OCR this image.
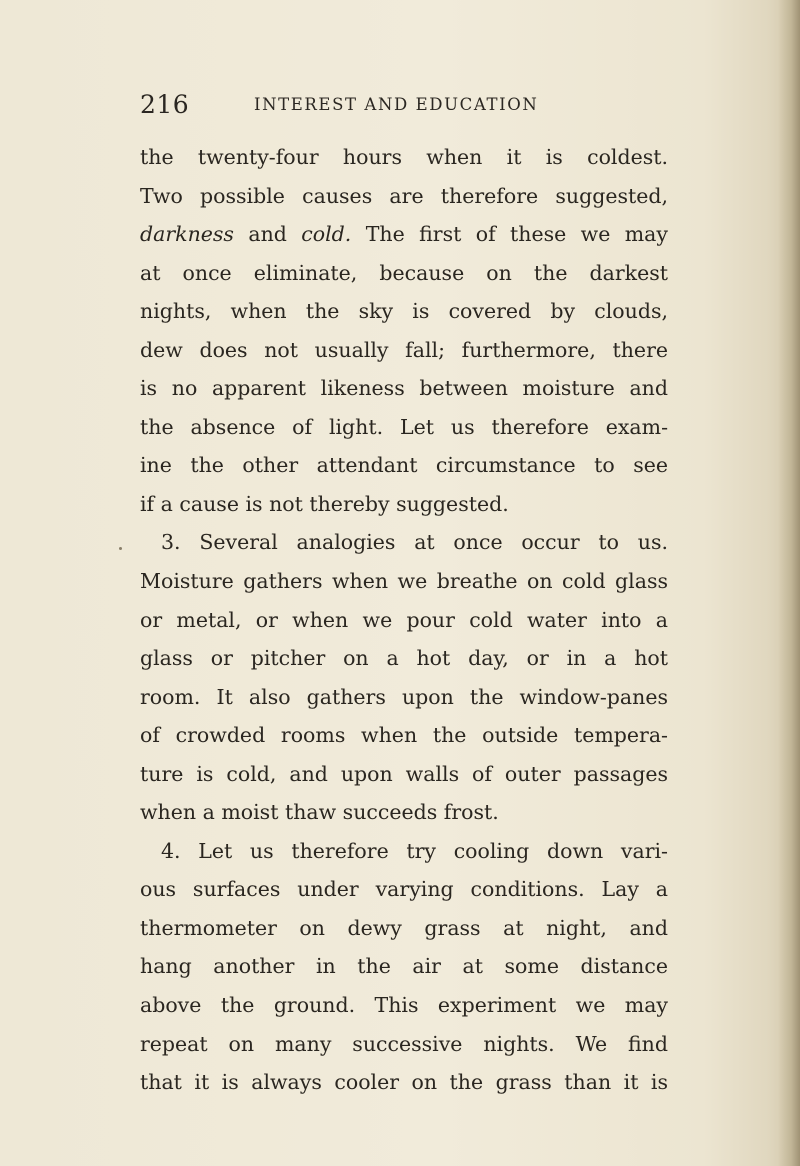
216	INTEREST AND EDUCATION
the twenty-four hours when it is coldest.
Two possible causes are therefore suggested,
darkness and cold. The first of these we may
at once eliminate, because on the darkest
nights, when the sky is covered by clouds,
dew does not usually fall; furthermore, there
is no apparent likeness between moisture and
the absence of light. Let us therefore exam-
ine the other attendant circumstance to see
if a cause is not thereby suggested.
3. Several analogies at once occur to us.
Moisture gathers when we breathe on cold glass
or metal, or when we pour cold water into a
glass or pitcher on a hot day, or in a hot
room. It also gathers upon the window-panes
of crowded rooms when the outside tempera-
ture is cold, and upon walls of outer passages
when a moist thaw succeeds frost.
4. Let us therefore try cooling down vari-
ous surfaces under varying conditions. Lay a
thermometer on dewy grass at night, and
hang another in the air at some distance
above the ground. This experiment we may
repeat on many successive nights. We find
that it is always cooler on the grass than it is
